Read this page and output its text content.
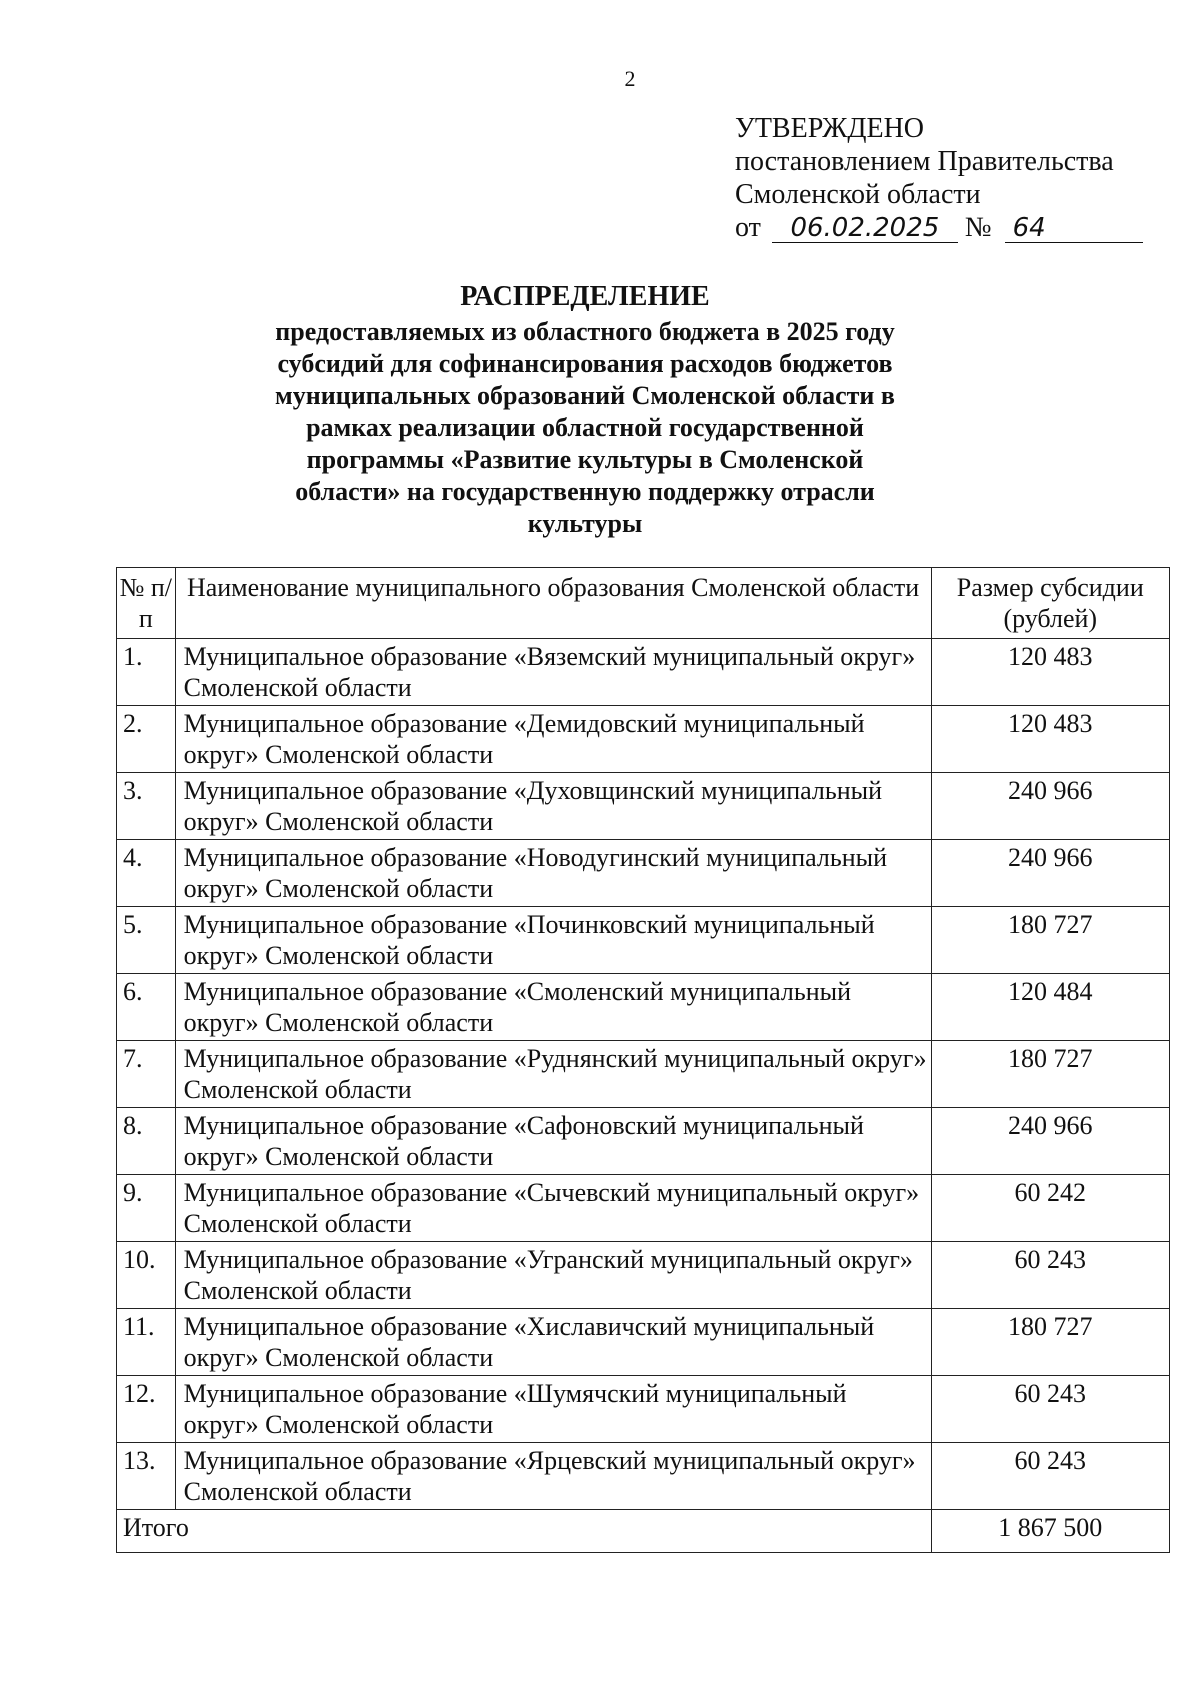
2
УТВЕРЖДЕНО
постановлением Правительства
Смоленской области
от 06.02.2025 № 64
РАСПРЕДЕЛЕНИЕ
предоставляемых из областного бюджета в 2025 году
субсидий для софинансирования расходов бюджетов
муниципальных образований Смоленской области в
рамках реализации областной государственной
программы «Развитие культуры в Смоленской
области» на государственную поддержку отрасли
культуры
№ п/п	Наименование муниципального образования Смоленской области	Размер субсидии (рублей)
1.	Муниципальное образование «Вяземский муниципальный округ» Смоленской области	120 483
2.	Муниципальное образование «Демидовский муниципальный округ» Смоленской области	120 483
3.	Муниципальное образование «Духовщинский муниципальный округ» Смоленской области	240 966
4.	Муниципальное образование «Новодугинский муниципальный округ» Смоленской области	240 966
5.	Муниципальное образование «Починковский муниципальный округ» Смоленской области	180 727
6.	Муниципальное образование «Смоленский муниципальный округ» Смоленской области	120 484
7.	Муниципальное образование «Руднянский муниципальный округ» Смоленской области	180 727
8.	Муниципальное образование «Сафоновский муниципальный округ» Смоленской области	240 966
9.	Муниципальное образование «Сычевский муниципальный округ» Смоленской области	60 242
10.	Муниципальное образование «Угранский муниципальный округ» Смоленской области	60 243
11.	Муниципальное образование «Хиславичский муниципальный округ» Смоленской области	180 727
12.	Муниципальное образование «Шумячский муниципальный округ» Смоленской области	60 243
13.	Муниципальное образование «Ярцевский муниципальный округ» Смоленской области	60 243
Итого		1 867 500
